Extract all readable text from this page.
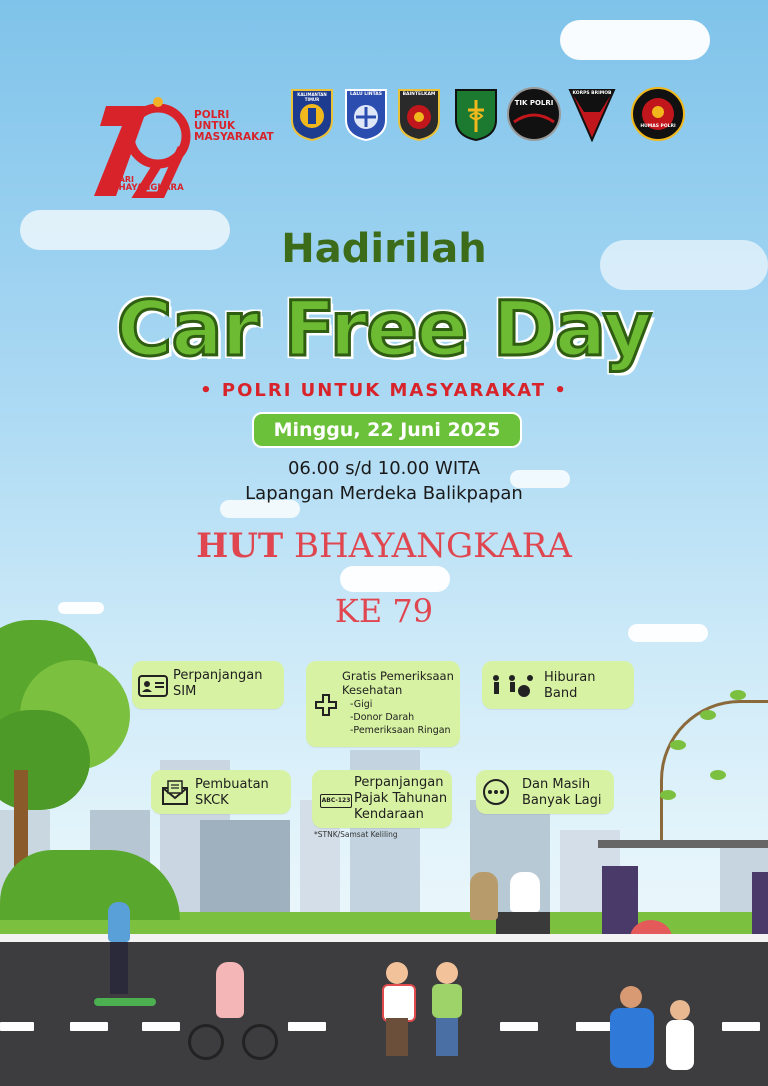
POLRI
UNTUK
MASYARAKAT
HARI
BHAYANGKARA
KALIMANTAN TIMUR
LALU LINTAS	BAINTELKAM
TIK POLRI
KORPS BRIMOB
HUMAS POLRI
Hadirilah
Car Free Day
• POLRI UNTUK MASYARAKAT •
Minggu, 22 Juni 2025
06.00 s/d 10.00 WITA
Lapangan Merdeka Balikpapan
HUT BHAYANGKARA
KE 79
Perpanjangan
SIM
Gratis Pemeriksaan
Kesehatan
-Gigi
-Donor Darah
-Pemeriksaan Ringan
Hiburan
Band
Pembuatan
SKCK	ABC-123
Perpanjangan
Pajak Tahunan
Kendaraan
*STNK/Samsat Keliling
Dan Masih
Banyak Lagi
